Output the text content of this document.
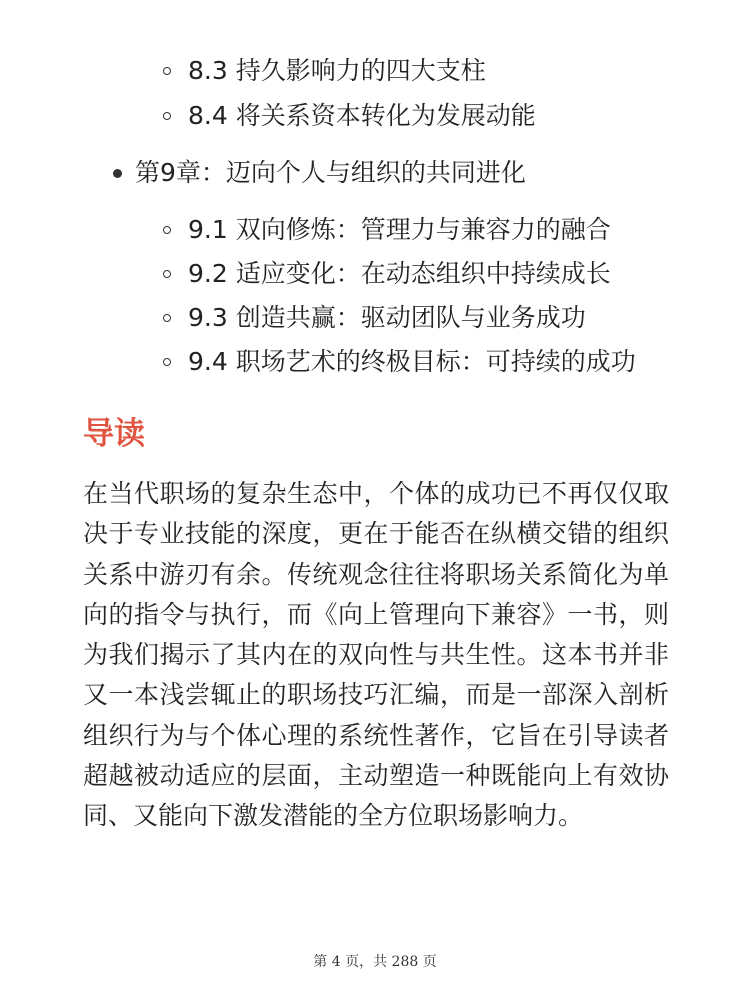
8.3 持久影响力的四大支柱
8.4 将关系资本转化为发展动能
第9章：迈向个人与组织的共同进化
9.1 双向修炼：管理力与兼容力的融合
9.2 适应变化：在动态组织中持续成长
9.3 创造共赢：驱动团队与业务成功
9.4 职场艺术的终极目标：可持续的成功
导读

在当代职场的复杂生态中，个体的成功已不再仅仅取决于专业技能的深度，更在于能否在纵横交错的组织关系中游刃有余。传统观念往往将职场关系简化为单向的指令与执行，而《向上管理向下兼容》一书，则为我们揭示了其内在的双向性与共生性。这本书并非又一本浅尝辄止的职场技巧汇编，而是一部深入剖析组织行为与个体心理的系统性著作，它旨在引导读者超越被动适应的层面，主动塑造一种既能向上有效协同、又能向下激发潜能的全方位职场影响力。

第 4 页，共 288 页
